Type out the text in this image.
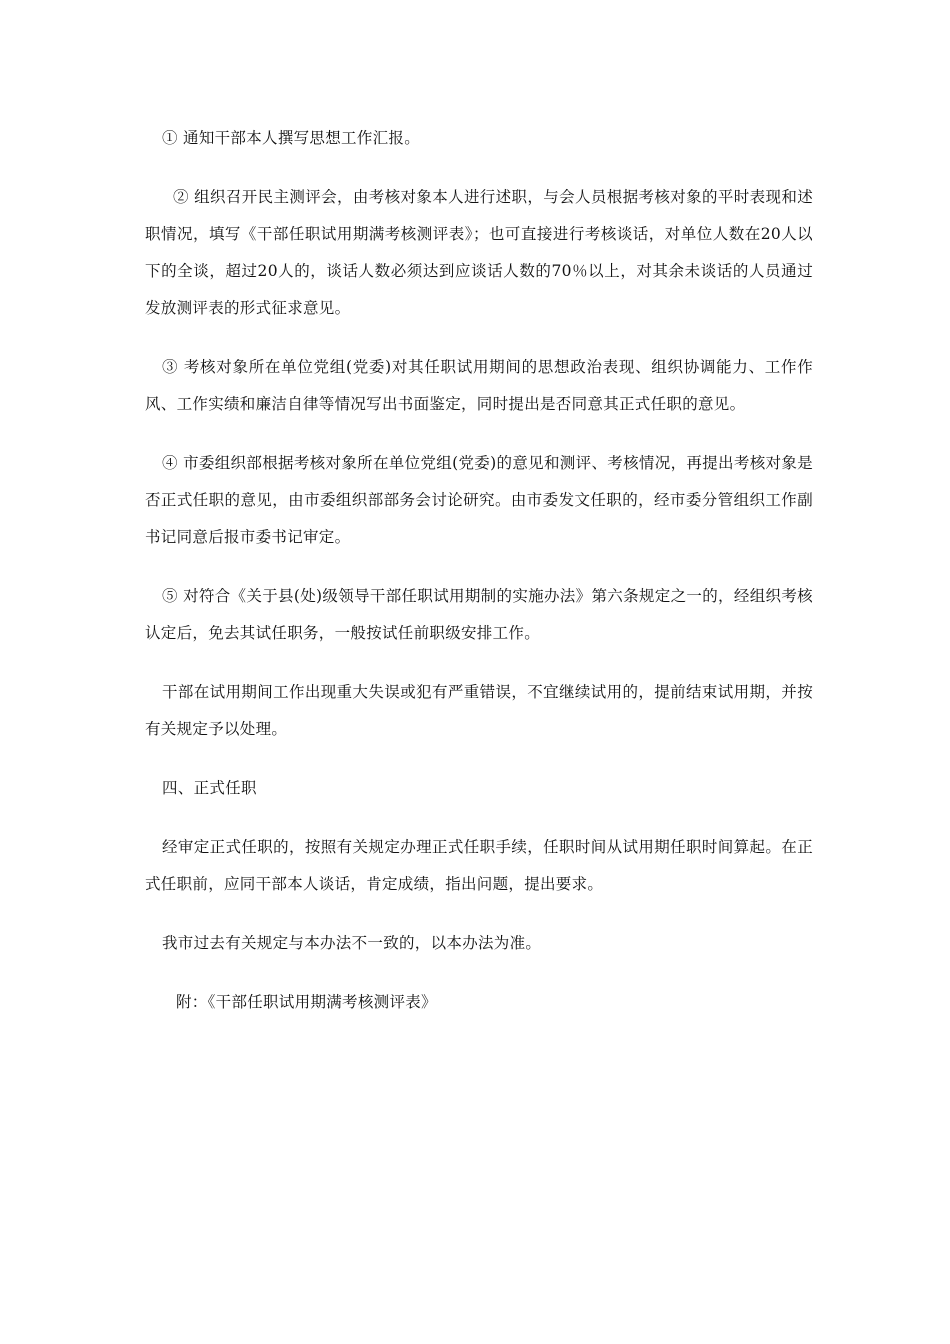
① 通知干部本人撰写思想工作汇报。

② 组织召开民主测评会，由考核对象本人进行述职，与会人员根据考核对象的平时表现和述职情况，填写《干部任职试用期满考核测评表》；也可直接进行考核谈话，对单位人数在20人以下的全谈，超过20人的，谈话人数必须达到应谈话人数的70％以上，对其余未谈话的人员通过发放测评表的形式征求意见。

③ 考核对象所在单位党组(党委)对其任职试用期间的思想政治表现、组织协调能力、工作作风、工作实绩和廉洁自律等情况写出书面鉴定，同时提出是否同意其正式任职的意见。

④ 市委组织部根据考核对象所在单位党组(党委)的意见和测评、考核情况，再提出考核对象是否正式任职的意见，由市委组织部部务会讨论研究。由市委发文任职的，经市委分管组织工作副书记同意后报市委书记审定。

⑤ 对符合《关于县(处)级领导干部任职试用期制的实施办法》第六条规定之一的，经组织考核认定后，免去其试任职务，一般按试任前职级安排工作。

干部在试用期间工作出现重大失误或犯有严重错误，不宜继续试用的，提前结束试用期，并按有关规定予以处理。

四、正式任职

经审定正式任职的，按照有关规定办理正式任职手续，任职时间从试用期任职时间算起。在正式任职前，应同干部本人谈话，肯定成绩，指出问题，提出要求。

我市过去有关规定与本办法不一致的，以本办法为准。

附：《干部任职试用期满考核测评表》
